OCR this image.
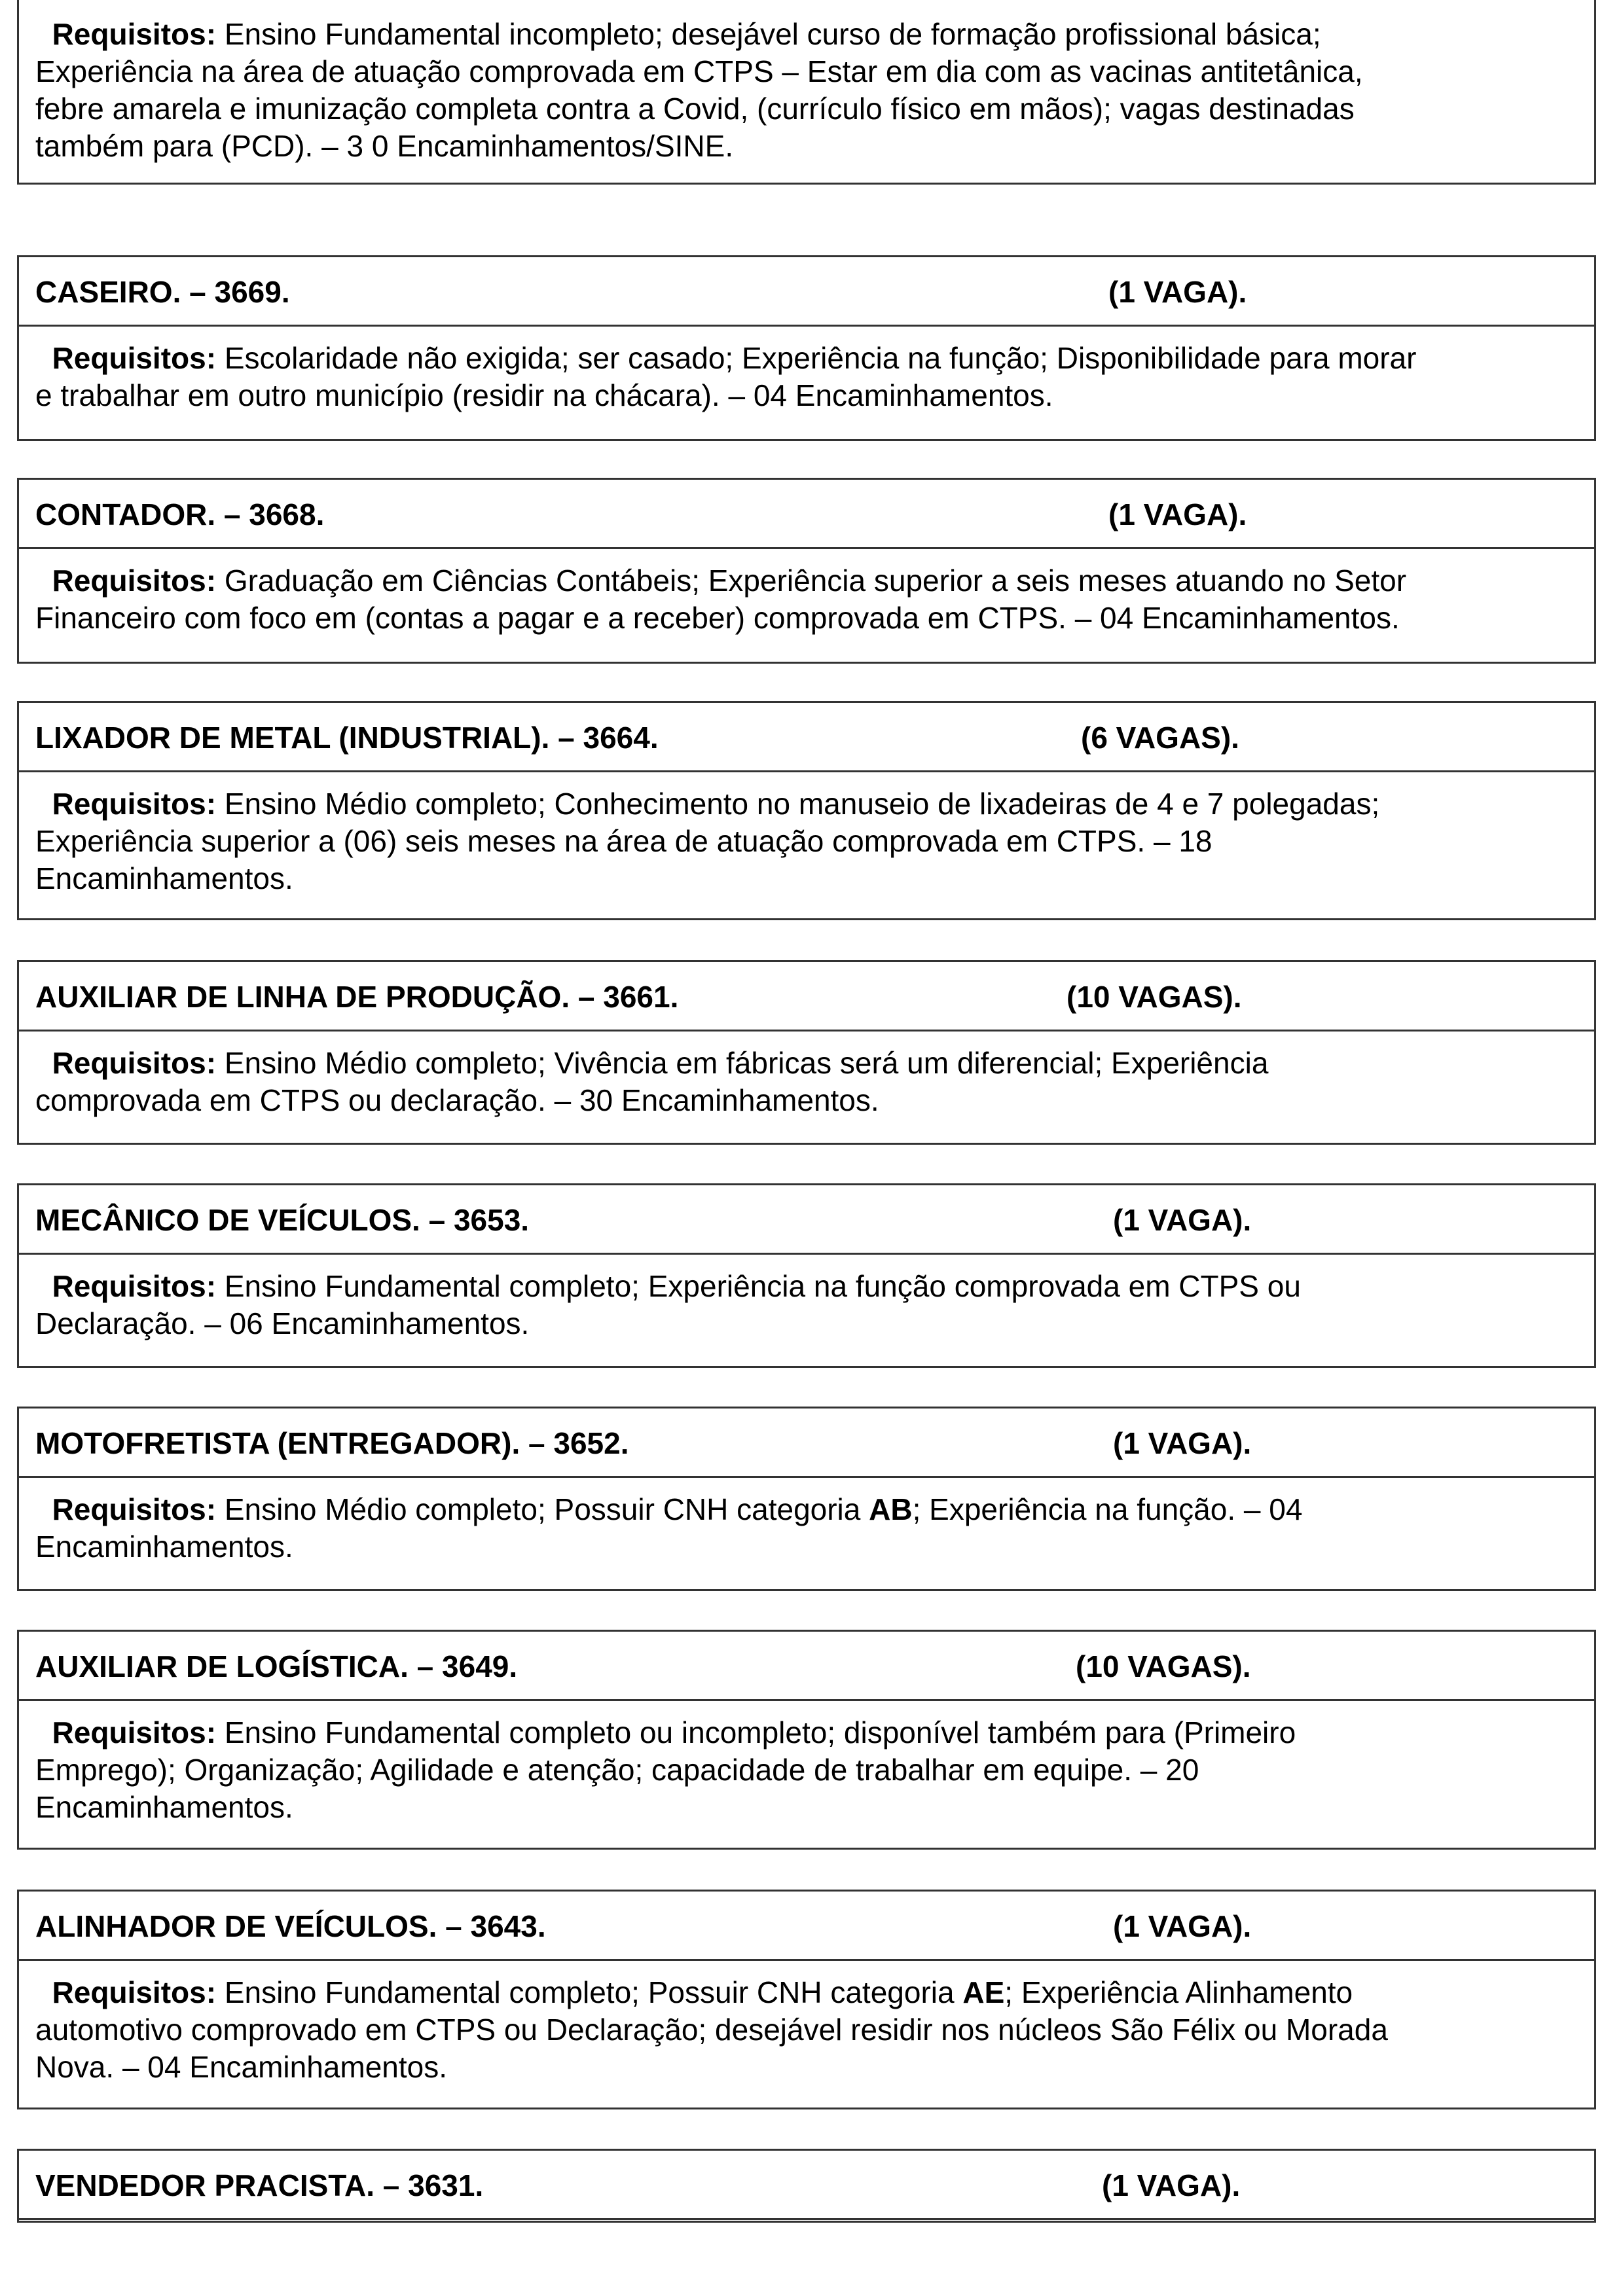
Requisitos: Ensino Fundamental incompleto; desejável curso de formação profissional básica;
Experiência na área de atuação comprovada em CTPS – Estar em dia com as vacinas antitetânica,
febre amarela e imunização completa contra a Covid, (currículo físico em mãos); vagas destinadas
também para (PCD). – 3 0 Encaminhamentos/SINE.
CASEIRO. – 3669.	(1 VAGA).
Requisitos: Escolaridade não exigida; ser casado; Experiência na função; Disponibilidade para morar
e trabalhar em outro município (residir na chácara). – 04 Encaminhamentos.
CONTADOR. – 3668.	(1 VAGA).
Requisitos: Graduação em Ciências Contábeis; Experiência superior a seis meses atuando no Setor
Financeiro com foco em (contas a pagar e a receber) comprovada em CTPS. – 04 Encaminhamentos.
LIXADOR DE METAL (INDUSTRIAL). – 3664.	(6 VAGAS).
Requisitos: Ensino Médio completo; Conhecimento no manuseio de lixadeiras de 4 e 7 polegadas;
Experiência superior a (06) seis meses na área de atuação comprovada em CTPS. – 18
Encaminhamentos.
AUXILIAR DE LINHA DE PRODUÇÃO. – 3661.	(10 VAGAS).
Requisitos: Ensino Médio completo; Vivência em fábricas será um diferencial; Experiência
comprovada em CTPS ou declaração. – 30 Encaminhamentos.
MECÂNICO DE VEÍCULOS. – 3653.	(1 VAGA).
Requisitos: Ensino Fundamental completo; Experiência na função comprovada em CTPS ou
Declaração. – 06 Encaminhamentos.
MOTOFRETISTA (ENTREGADOR). – 3652.	(1 VAGA).
Requisitos: Ensino Médio completo; Possuir CNH categoria AB; Experiência na função. – 04
Encaminhamentos.
AUXILIAR DE LOGÍSTICA. – 3649.	(10 VAGAS).
Requisitos: Ensino Fundamental completo ou incompleto; disponível também para (Primeiro
Emprego); Organização; Agilidade e atenção; capacidade de trabalhar em equipe. – 20
Encaminhamentos.
ALINHADOR DE VEÍCULOS. – 3643.	(1 VAGA).
Requisitos: Ensino Fundamental completo; Possuir CNH categoria AE; Experiência Alinhamento
automotivo comprovado em CTPS ou Declaração; desejável residir nos núcleos São Félix ou Morada
Nova. – 04 Encaminhamentos.
VENDEDOR PRACISTA. – 3631.	(1 VAGA).
